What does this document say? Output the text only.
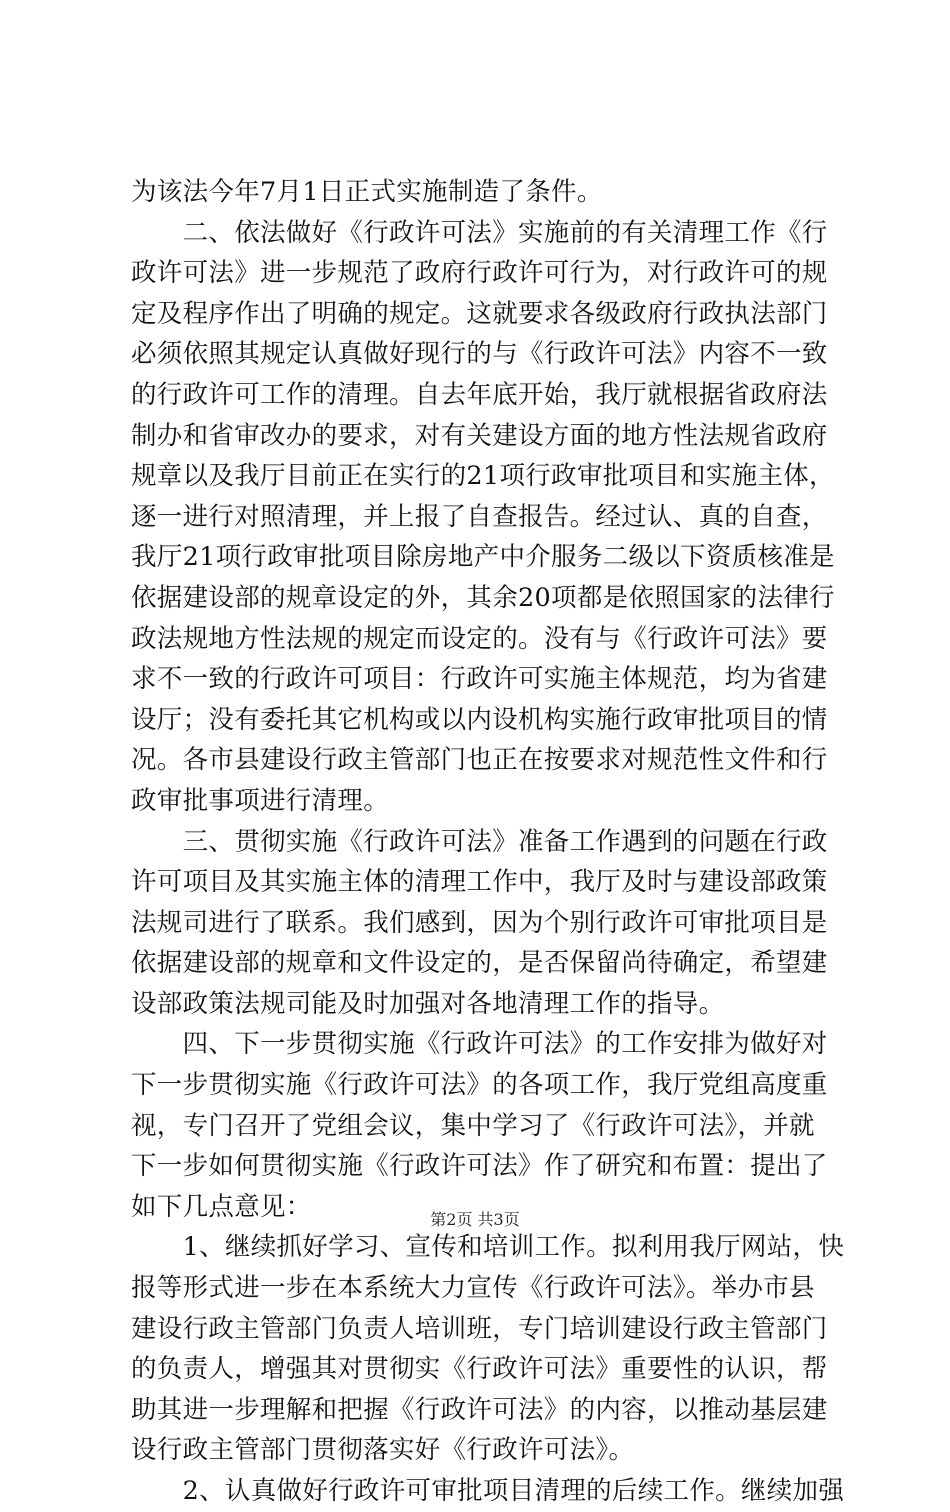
为该法今年7月1日正式实施制造了条件。
　　二、依法做好《行政许可法》实施前的有关清理工作《行
政许可法》进一步规范了政府行政许可行为，对行政许可的规
定及程序作出了明确的规定。这就要求各级政府行政执法部门
必须依照其规定认真做好现行的与《行政许可法》内容不一致
的行政许可工作的清理。自去年底开始，我厅就根据省政府法
制办和省审改办的要求，对有关建设方面的地方性法规省政府
规章以及我厅目前正在实行的21项行政审批项目和实施主体，
逐一进行对照清理，并上报了自查报告。经过认、真的自查，
我厅21项行政审批项目除房地产中介服务二级以下资质核准是
依据建设部的规章设定的外，其余20项都是依照国家的法律行
政法规地方性法规的规定而设定的。没有与《行政许可法》要
求不一致的行政许可项目：行政许可实施主体规范，均为省建
设厅；没有委托其它机构或以内设机构实施行政审批项目的情
况。各市县建设行政主管部门也正在按要求对规范性文件和行
政审批事项进行清理。
　　三、贯彻实施《行政许可法》准备工作遇到的问题在行政
许可项目及其实施主体的清理工作中，我厅及时与建设部政策
法规司进行了联系。我们感到，因为个别行政许可审批项目是
依据建设部的规章和文件设定的，是否保留尚待确定，希望建
设部政策法规司能及时加强对各地清理工作的指导。
　　四、下一步贯彻实施《行政许可法》的工作安排为做好对
下一步贯彻实施《行政许可法》的各项工作，我厅党组高度重
视，专门召开了党组会议，集中学习了《行政许可法》，并就
下一步如何贯彻实施《行政许可法》作了研究和布置：提出了
如下几点意见：
　　1、继续抓好学习、宣传和培训工作。拟利用我厅网站，快
报等形式进一步在本系统大力宣传《行政许可法》。举办市县
建设行政主管部门负责人培训班，专门培训建设行政主管部门
的负责人，增强其对贯彻实《行政许可法》重要性的认识，帮
助其进一步理解和把握《行政许可法》的内容，以推动基层建
设行政主管部门贯彻落实好《行政许可法》。
　　2、认真做好行政许可审批项目清理的后续工作。继续加强
第2页 共3页
